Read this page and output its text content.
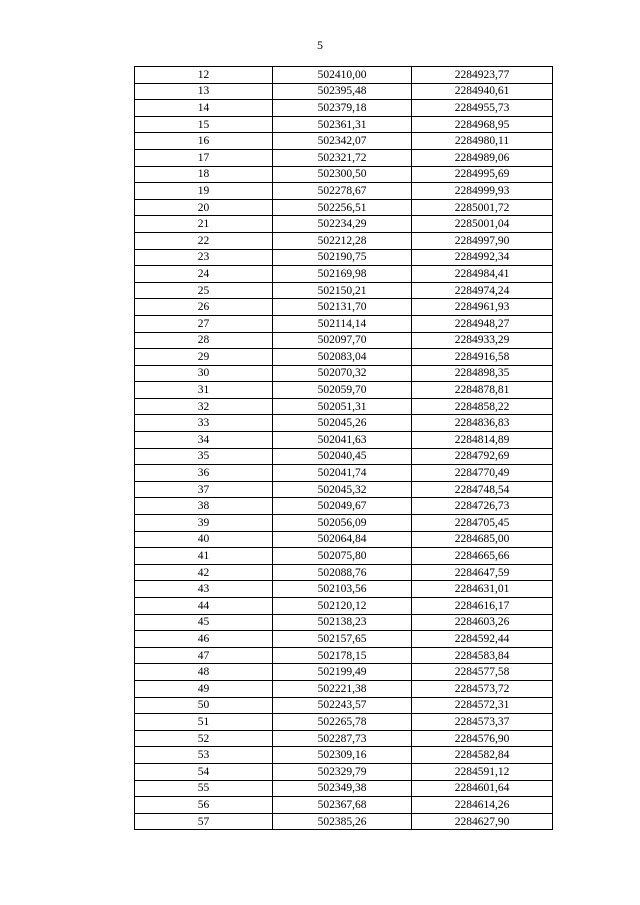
5
12	502410,00	2284923,77
13	502395,48	2284940,61
14	502379,18	2284955,73
15	502361,31	2284968,95
16	502342,07	2284980,11
17	502321,72	2284989,06
18	502300,50	2284995,69
19	502278,67	2284999,93
20	502256,51	2285001,72
21	502234,29	2285001,04
22	502212,28	2284997,90
23	502190,75	2284992,34
24	502169,98	2284984,41
25	502150,21	2284974,24
26	502131,70	2284961,93
27	502114,14	2284948,27
28	502097,70	2284933,29
29	502083,04	2284916,58
30	502070,32	2284898,35
31	502059,70	2284878,81
32	502051,31	2284858,22
33	502045,26	2284836,83
34	502041,63	2284814,89
35	502040,45	2284792,69
36	502041,74	2284770,49
37	502045,32	2284748,54
38	502049,67	2284726,73
39	502056,09	2284705,45
40	502064,84	2284685,00
41	502075,80	2284665,66
42	502088,76	2284647,59
43	502103,56	2284631,01
44	502120,12	2284616,17
45	502138,23	2284603,26
46	502157,65	2284592,44
47	502178,15	2284583,84
48	502199,49	2284577,58
49	502221,38	2284573,72
50	502243,57	2284572,31
51	502265,78	2284573,37
52	502287,73	2284576,90
53	502309,16	2284582,84
54	502329,79	2284591,12
55	502349,38	2284601,64
56	502367,68	2284614,26
57	502385,26	2284627,90
